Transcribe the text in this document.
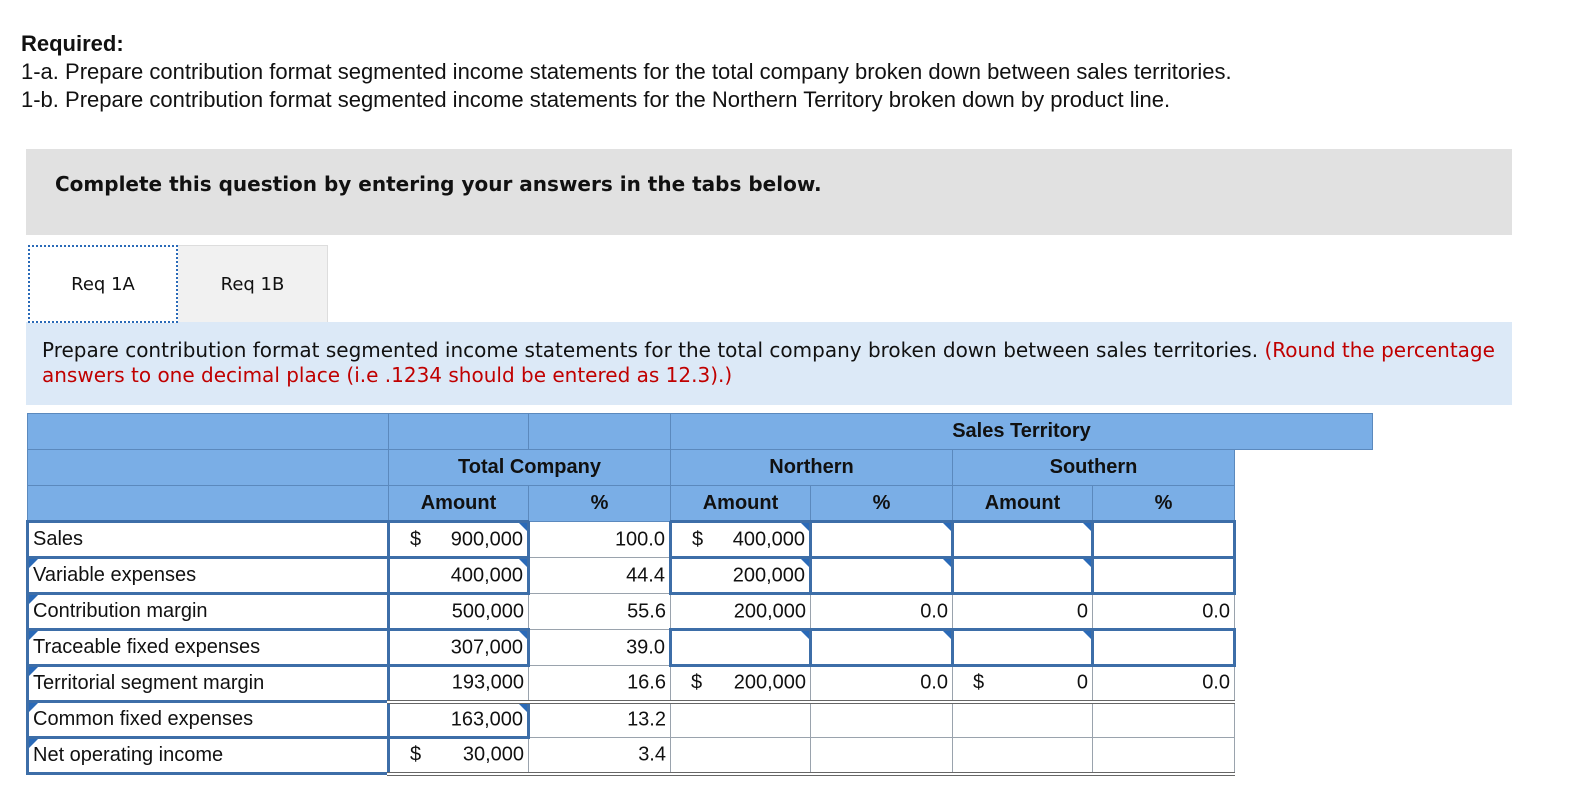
Required:
1-a. Prepare contribution format segmented income statements for the total company broken down between sales territories.
1-b. Prepare contribution format segmented income statements for the Northern Territory broken down by product line.
Complete this question by entering your answers in the tabs below.
Req 1A	Req 1B
Prepare contribution format segmented income statements for the total company broken down between sales territories. (Round the percentage answers to one decimal place (i.e .1234 should be entered as 12.3).)
			Sales Territory			
	Total Company		Northern		Southern	
	Amount	%	Amount	%	Amount	%
Sales	$ 900,000	100.0	$ 400,000			

Variable expenses	400,000	44.4	200,000			

Contribution margin	500,000	55.6	200,000	0.0	0	0.0

Traceable fixed expenses	307,000	39.0				

Territorial segment margin	193,000	16.6	$ 200,000	0.0	$ 0	0.0

Common fixed expenses	163,000	13.2				

Net operating income	$ 30,000	3.4				
